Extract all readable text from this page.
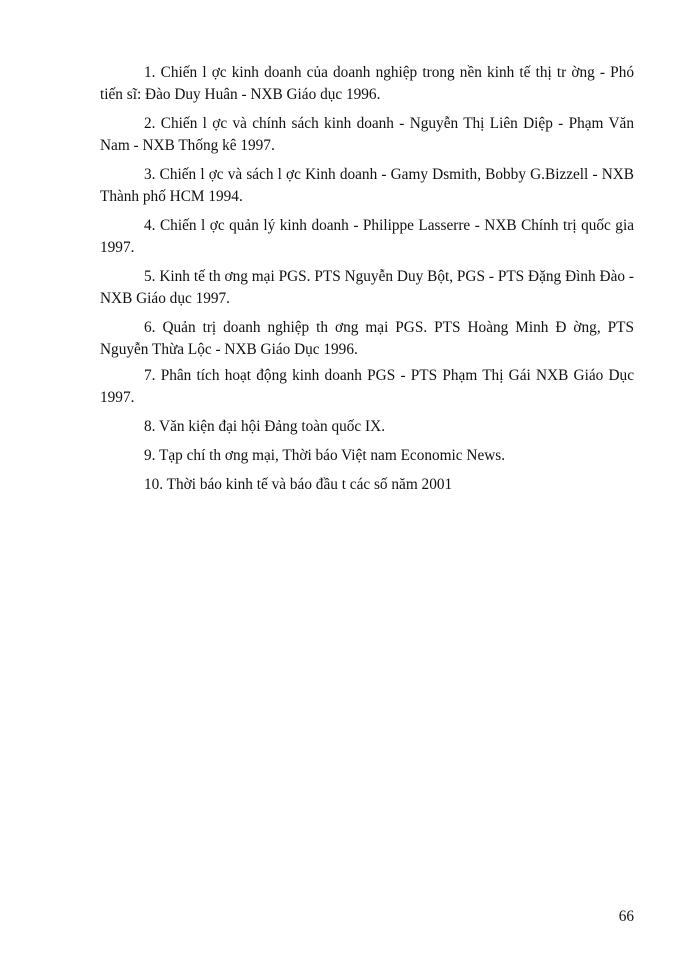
1. Chiến l ợc kinh doanh của doanh nghiệp trong nền kinh tế thị tr ờng - Phó tiến sĩ: Đào Duy Huân - NXB Giáo dục 1996.

2. Chiến l ợc và chính sách kinh doanh - Nguyễn Thị Liên Diệp - Phạm Văn Nam - NXB Thống kê 1997.

3. Chiến l ợc và sách l ợc Kinh doanh - Gamy Dsmith, Bobby G.Bizzell - NXB Thành phố HCM 1994.

4. Chiến l ợc quản lý kinh doanh - Philippe Lasserre - NXB Chính trị quốc gia 1997.

5. Kinh tế th ơng mại PGS. PTS Nguyễn Duy Bột, PGS - PTS Đặng Đình Đào - NXB Giáo dục 1997.

6. Quản trị doanh nghiệp th ơng mại PGS. PTS Hoàng Minh Đ ờng, PTS Nguyễn Thừa Lộc - NXB Giáo Dục 1996.

7. Phân tích hoạt động kinh doanh PGS - PTS Phạm Thị Gái NXB Giáo Dục 1997.

8. Văn kiện đại hội Đảng toàn quốc IX.

9. Tạp chí th ơng mại, Thời báo Việt nam Economic News.

10. Thời báo kinh tế và báo đầu t các số năm 2001

66
